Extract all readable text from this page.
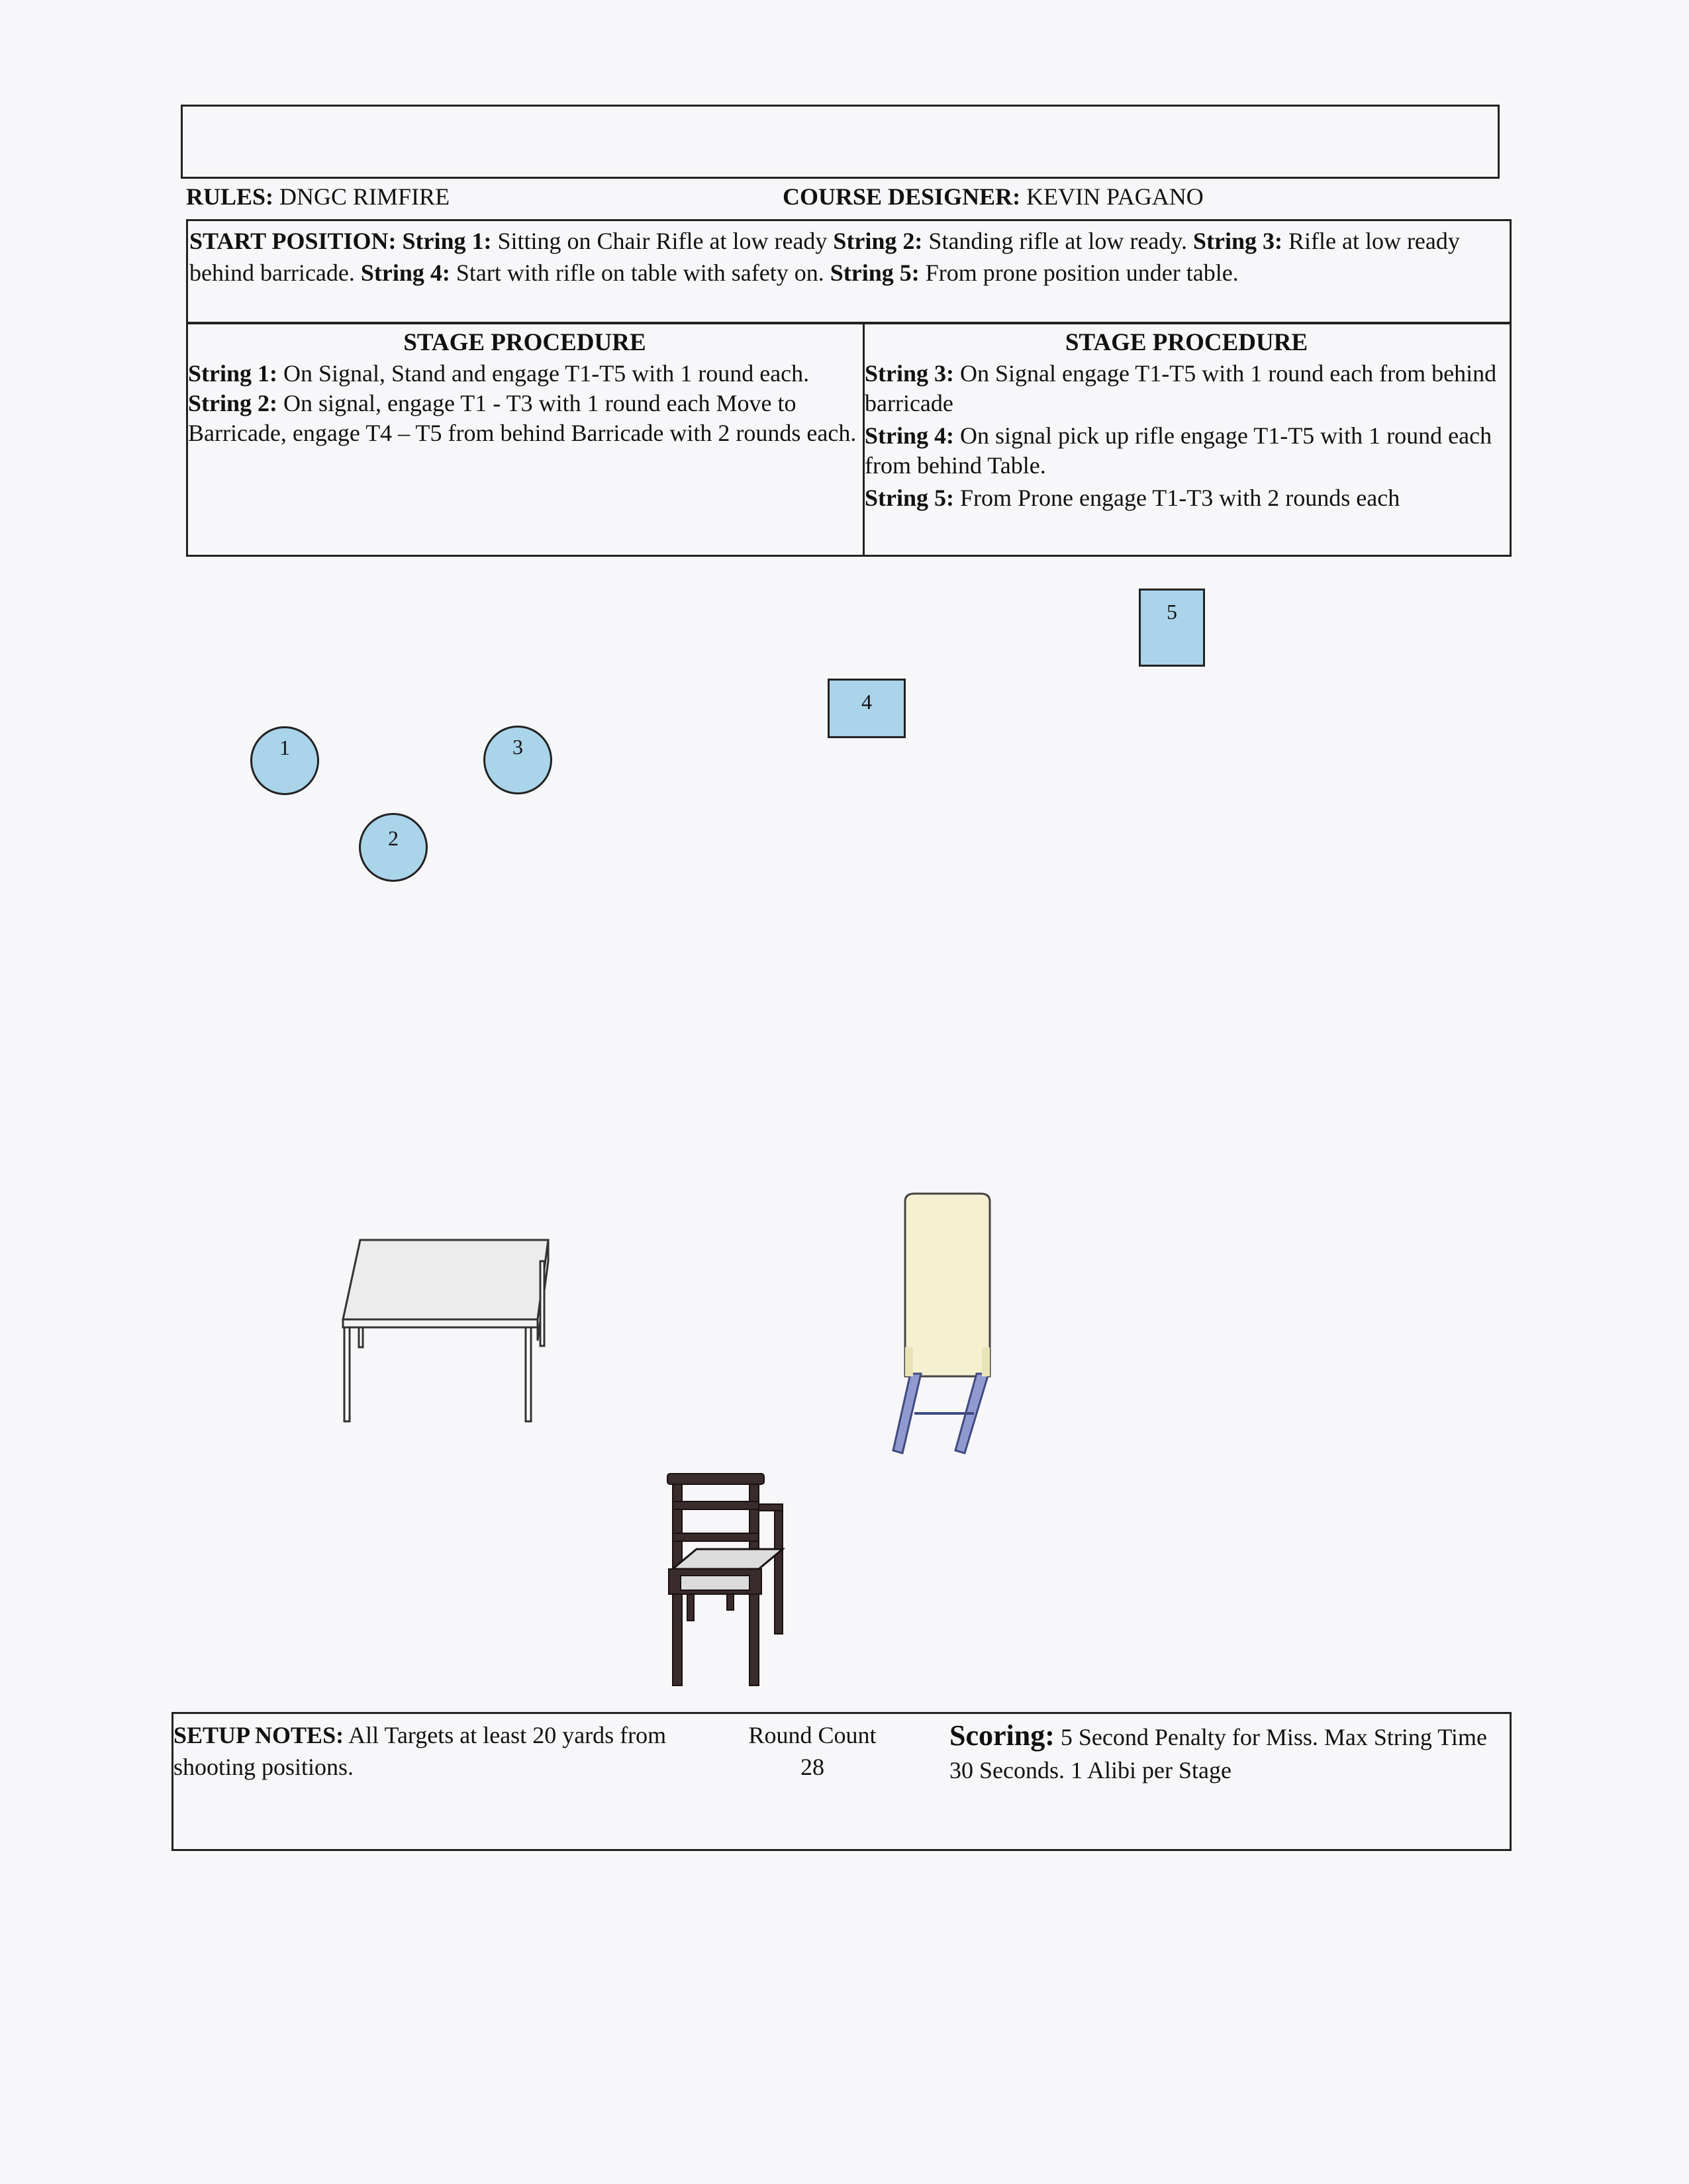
RULES: DNGC RIMFIRE	COURSE DESIGNER: KEVIN PAGANO
START POSITION: String 1: Sitting on Chair Rifle at low ready String 2: Standing rifle at low ready. String 3: Rifle at low ready behind barricade. String 4: Start with rifle on table with safety on. String 5: From prone position under table.
STAGE PROCEDURE

String 1: On Signal, Stand and engage T1-T5 with 1 round each.

String 2: On signal, engage T1 - T3 with 1 round each Move to Barricade, engage T4 – T5 from behind Barricade with 2 rounds each.

STAGE PROCEDURE

String 3: On Signal engage T1-T5 with 1 round each from behind barricade

String 4: On signal pick up rifle engage T1-T5 with 1 round each from behind Table.

String 5: From Prone engage T1-T3 with 2 rounds each

1
2
3
4
5
SETUP NOTES: All Targets at least 20 yards from shooting positions.
Round Count
28
Scoring: 5 Second Penalty for Miss. Max String Time 30 Seconds. 1 Alibi per Stage
